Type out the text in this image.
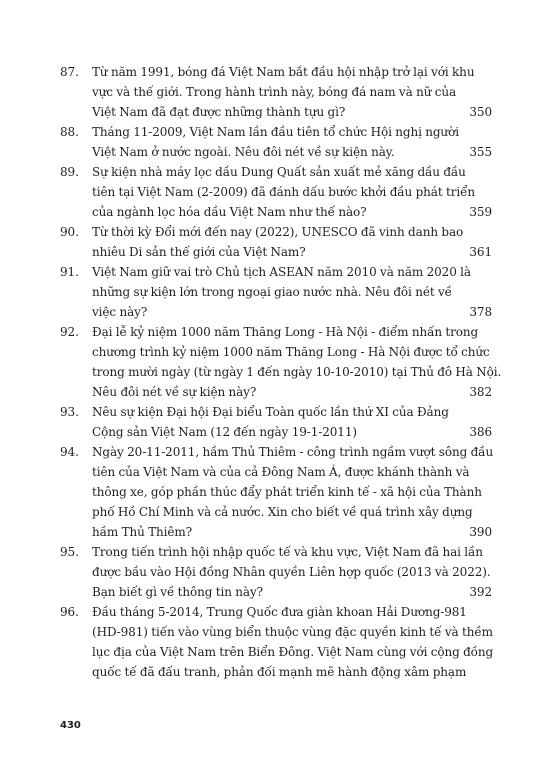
87. Từ năm 1991, bóng đá Việt Nam bắt đầu hội nhập trở lại với khu
vực và thế giới. Trong hành trình này, bóng đá nam và nữ của
Việt Nam đã đạt được những thành tựu gì?	350
88. Tháng 11-2009, Việt Nam lần đầu tiên tổ chức Hội nghị người
Việt Nam ở nước ngoài. Nêu đôi nét về sự kiện này.	355
89. Sự kiện nhà máy lọc dầu Dung Quất sản xuất mẻ xăng dầu đầu
tiên tại Việt Nam (2-2009) đã đánh dấu bước khởi đầu phát triển
của ngành lọc hóa dầu Việt Nam như thế nào?	359
90. Từ thời kỳ Đổi mới đến nay (2022), UNESCO đã vinh danh bao
nhiêu Di sản thế giới của Việt Nam?	361
91. Việt Nam giữ vai trò Chủ tịch ASEAN năm 2010 và năm 2020 là
những sự kiện lớn trong ngoại giao nước nhà. Nêu đôi nét về
việc này?	378
92. Đại lễ kỷ niệm 1000 năm Thăng Long - Hà Nội - điểm nhấn trong
chương trình kỷ niệm 1000 năm Thăng Long - Hà Nội được tổ chức
trong mười ngày (từ ngày 1 đến ngày 10-10-2010) tại Thủ đô Hà Nội.
Nêu đôi nét về sự kiện này?	382
93. Nêu sự kiện Đại hội Đại biểu Toàn quốc lần thứ XI của Đảng
Cộng sản Việt Nam (12 đến ngày 19-1-2011)	386
94. Ngày 20-11-2011, hầm Thủ Thiêm - công trình ngầm vượt sông đầu
tiên của Việt Nam và của cả Đông Nam Á, được khánh thành và
thông xe, góp phần thúc đẩy phát triển kinh tế - xã hội của Thành
phố Hồ Chí Minh và cả nước. Xin cho biết về quá trình xây dựng
hầm Thủ Thiêm?	390
95. Trong tiến trình hội nhập quốc tế và khu vực, Việt Nam đã hai lần
được bầu vào Hội đồng Nhân quyền Liên hợp quốc (2013 và 2022).
Bạn biết gì về thông tin này?	392
96. Đầu tháng 5-2014, Trung Quốc đưa giàn khoan Hải Dương-981
(HD-981) tiến vào vùng biển thuộc vùng đặc quyền kinh tế và thềm
lục địa của Việt Nam trên Biển Đông. Việt Nam cùng với cộng đồng
quốc tế đã đấu tranh, phản đối mạnh mẽ hành động xâm phạm
430
